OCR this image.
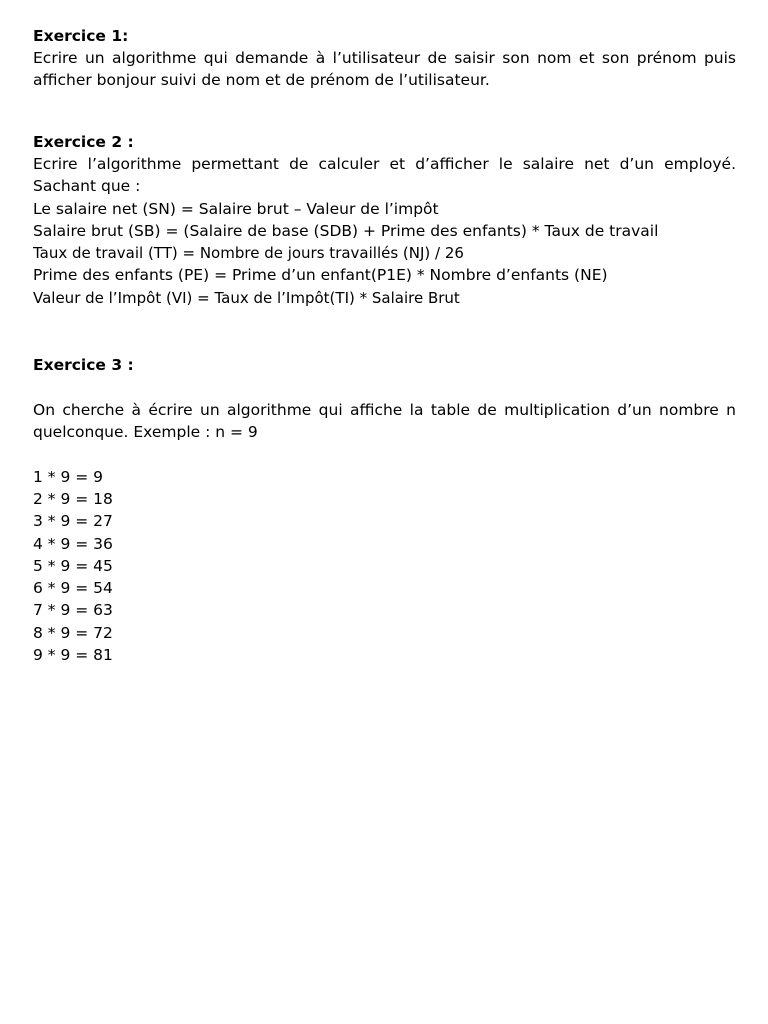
Exercice 1:
Ecrire un algorithme qui demande à l’utilisateur de saisir son nom et son prénom puis
afficher bonjour suivi de nom et de prénom de l’utilisateur.
Exercice 2 :
Ecrire l’algorithme permettant de calculer et d’afficher le salaire net d’un employé.
Sachant que :
Le salaire net (SN) = Salaire brut – Valeur de l’impôt
Salaire brut (SB) = (Salaire de base (SDB) + Prime des enfants) * Taux de travail
Taux de travail (TT) = Nombre de jours travaillés (NJ) / 26
Prime des enfants (PE) = Prime d’un enfant(P1E) * Nombre d’enfants (NE)
Valeur de l’Impôt (VI) = Taux de l’Impôt(TI) * Salaire Brut
Exercice 3 :
On cherche à écrire un algorithme qui affiche la table de multiplication d’un nombre n
quelconque. Exemple : n = 9
1 * 9 = 9
2 * 9 = 18
3 * 9 = 27
4 * 9 = 36
5 * 9 = 45
6 * 9 = 54
7 * 9 = 63
8 * 9 = 72
9 * 9 = 81
